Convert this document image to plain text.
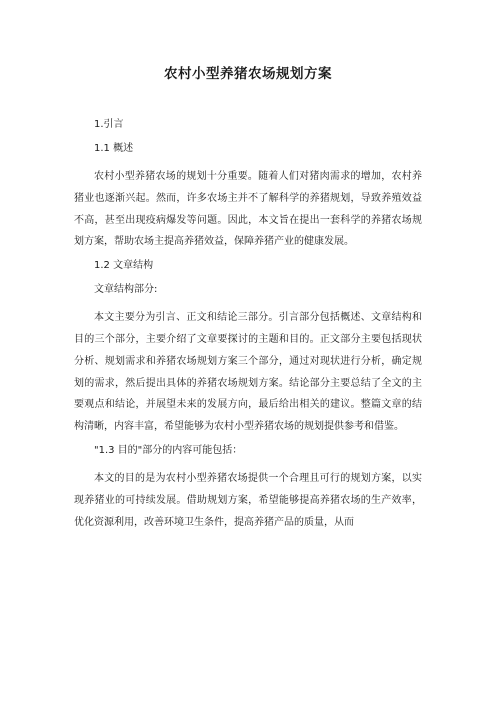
农村小型养猪农场规划方案
1.引言
1.1 概述
农村小型养猪农场的规划十分重要。随着人们对猪肉需求的增加，农村养猪业也逐渐兴起。然而，许多农场主并不了解科学的养猪规划，导致养殖效益不高，甚至出现疫病爆发等问题。因此，本文旨在提出一套科学的养猪农场规划方案，帮助农场主提高养猪效益，保障养猪产业的健康发展。
1.2 文章结构
文章结构部分:
本文主要分为引言、正文和结论三部分。引言部分包括概述、文章结构和目的三个部分，主要介绍了文章要探讨的主题和目的。正文部分主要包括现状分析、规划需求和养猪农场规划方案三个部分，通过对现状进行分析，确定规划的需求，然后提出具体的养猪农场规划方案。结论部分主要总结了全文的主要观点和结论，并展望未来的发展方向，最后给出相关的建议。整篇文章的结构清晰，内容丰富，希望能够为农村小型养猪农场的规划提供参考和借鉴。
"1.3 目的"部分的内容可能包括：
本文的目的是为农村小型养猪农场提供一个合理且可行的规划方案，以实现养猪业的可持续发展。借助规划方案，希望能够提高养猪农场的生产效率，优化资源利用，改善环境卫生条件，提高养猪产品的质量，从而
